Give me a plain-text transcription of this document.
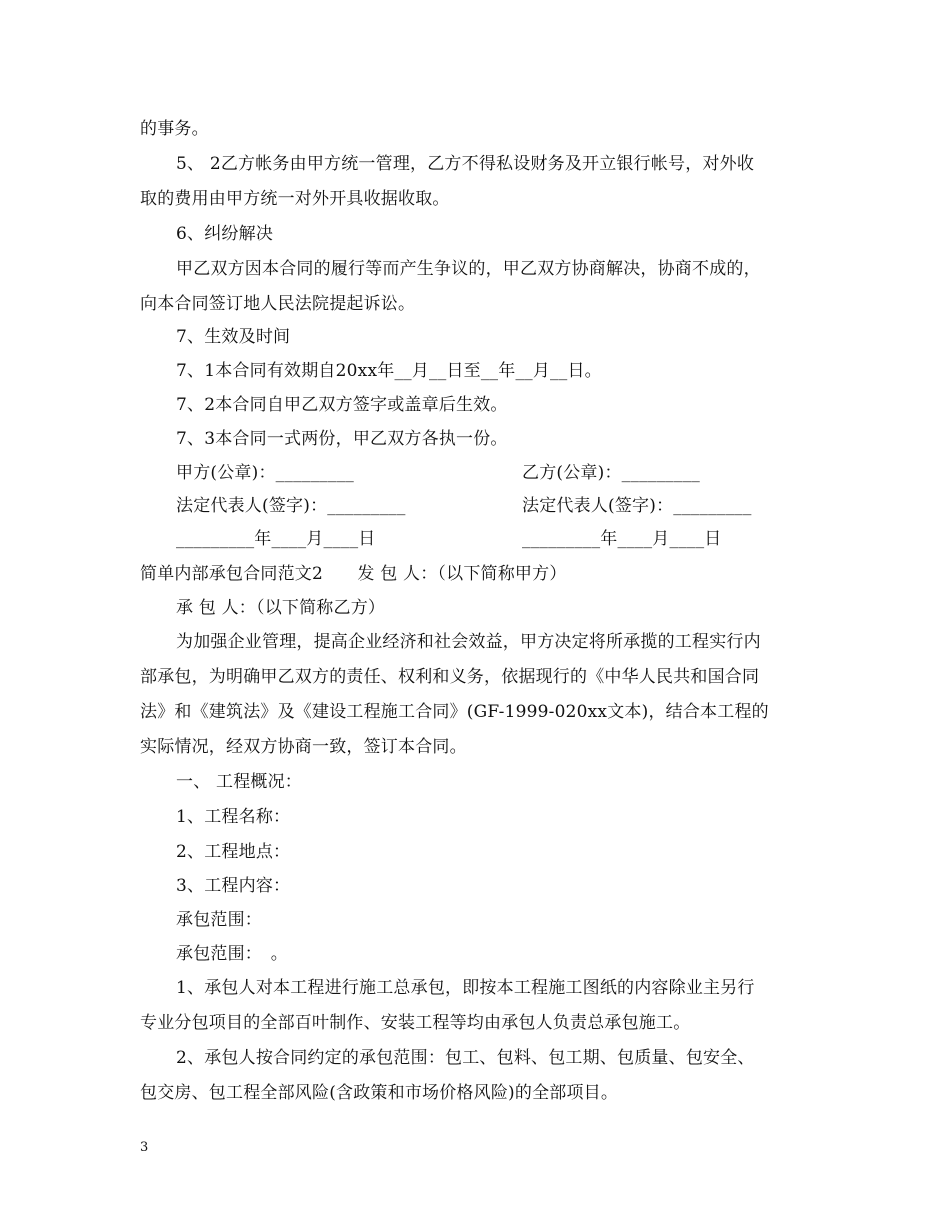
的事务。
5、 2乙方帐务由甲方统一管理，乙方不得私设财务及开立银行帐号，对外收
取的费用由甲方统一对外开具收据收取。
6、纠纷解决
甲乙双方因本合同的履行等而产生争议的，甲乙双方协商解决，协商不成的，
向本合同签订地人民法院提起诉讼。
7、生效及时间
7、1本合同有效期自20xx年__月__日至__年__月__日。
7、2本合同自甲乙双方签字或盖章后生效。
7、3本合同一式两份，甲乙双方各执一份。
甲方(公章)：_________	乙方(公章)：_________
法定代表人(签字)：_________	法定代表人(签字)：_________
_________年____月____日	_________年____月____日
简单内部承包合同范文2　　发 包 人：（以下简称甲方）
承 包 人：（以下简称乙方）
为加强企业管理，提高企业经济和社会效益，甲方决定将所承揽的工程实行内
部承包，为明确甲乙双方的责任、权利和义务，依据现行的《中华人民共和国合同
法》和《建筑法》及《建设工程施工合同》(GF-1999-020xx文本)，结合本工程的
实际情况，经双方协商一致，签订本合同。
一、 工程概况：
1、工程名称：
2、工程地点：
3、工程内容：
承包范围：
承包范围：　。
1、承包人对本工程进行施工总承包，即按本工程施工图纸的内容除业主另行
专业分包项目的全部百叶制作、安装工程等均由承包人负责总承包施工。
2、承包人按合同约定的承包范围：包工、包料、包工期、包质量、包安全、
包交房、包工程全部风险(含政策和市场价格风险)的全部项目。
3
